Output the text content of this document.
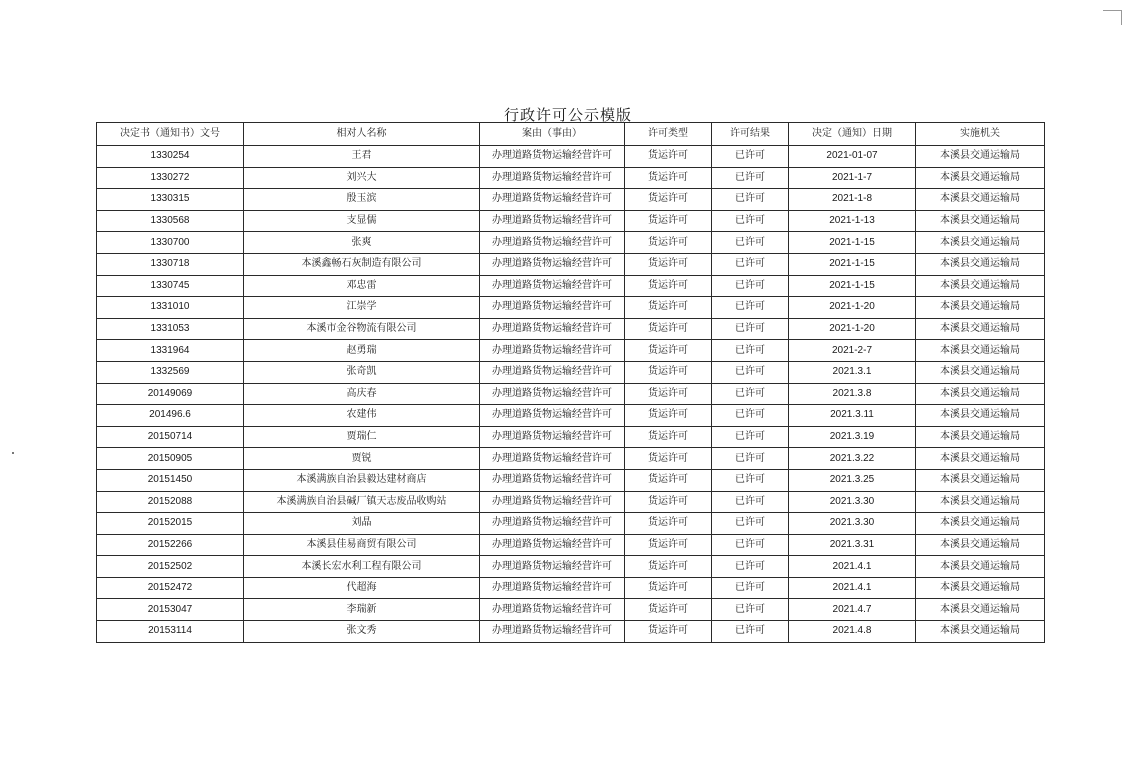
行政许可公示模版
决定书（通知书）文号	相对人名称	案由（事由）	许可类型	许可结果	决定（通知）日期	实施机关
1330254	王君	办理道路货物运输经营许可	货运许可	已许可	2021-01-07	本溪县交通运输局
1330272	刘兴大	办理道路货物运输经营许可	货运许可	已许可	2021-1-7	本溪县交通运输局
1330315	殷玉滨	办理道路货物运输经营许可	货运许可	已许可	2021-1-8	本溪县交通运输局
1330568	支显儒	办理道路货物运输经营许可	货运许可	已许可	2021-1-13	本溪县交通运输局
1330700	张爽	办理道路货物运输经营许可	货运许可	已许可	2021-1-15	本溪县交通运输局
1330718	本溪鑫畅石灰制造有限公司	办理道路货物运输经营许可	货运许可	已许可	2021-1-15	本溪县交通运输局
1330745	邓忠雷	办理道路货物运输经营许可	货运许可	已许可	2021-1-15	本溪县交通运输局
1331010	江崇学	办理道路货物运输经营许可	货运许可	已许可	2021-1-20	本溪县交通运输局
1331053	本溪市金谷物流有限公司	办理道路货物运输经营许可	货运许可	已许可	2021-1-20	本溪县交通运输局
1331964	赵勇瑞	办理道路货物运输经营许可	货运许可	已许可	2021-2-7	本溪县交通运输局
1332569	张奇凯	办理道路货物运输经营许可	货运许可	已许可	2021.3.1	本溪县交通运输局
20149069	高庆春	办理道路货物运输经营许可	货运许可	已许可	2021.3.8	本溪县交通运输局
201496.6	农建伟	办理道路货物运输经营许可	货运许可	已许可	2021.3.11	本溪县交通运输局
20150714	贾瑞仁	办理道路货物运输经营许可	货运许可	已许可	2021.3.19	本溪县交通运输局
20150905	贾锐	办理道路货物运输经营许可	货运许可	已许可	2021.3.22	本溪县交通运输局
20151450	本溪满族自治县毅达建材商店	办理道路货物运输经营许可	货运许可	已许可	2021.3.25	本溪县交通运输局
20152088	本溪满族自治县碱厂镇天志废品收购站	办理道路货物运输经营许可	货运许可	已许可	2021.3.30	本溪县交通运输局
20152015	刘晶	办理道路货物运输经营许可	货运许可	已许可	2021.3.30	本溪县交通运输局
20152266	本溪县佳易商贸有限公司	办理道路货物运输经营许可	货运许可	已许可	2021.3.31	本溪县交通运输局
20152502	本溪长宏水利工程有限公司	办理道路货物运输经营许可	货运许可	已许可	2021.4.1	本溪县交通运输局
20152472	代超海	办理道路货物运输经营许可	货运许可	已许可	2021.4.1	本溪县交通运输局
20153047	李瑞新	办理道路货物运输经营许可	货运许可	已许可	2021.4.7	本溪县交通运输局
20153114	张文秀	办理道路货物运输经营许可	货运许可	已许可	2021.4.8	本溪县交通运输局
